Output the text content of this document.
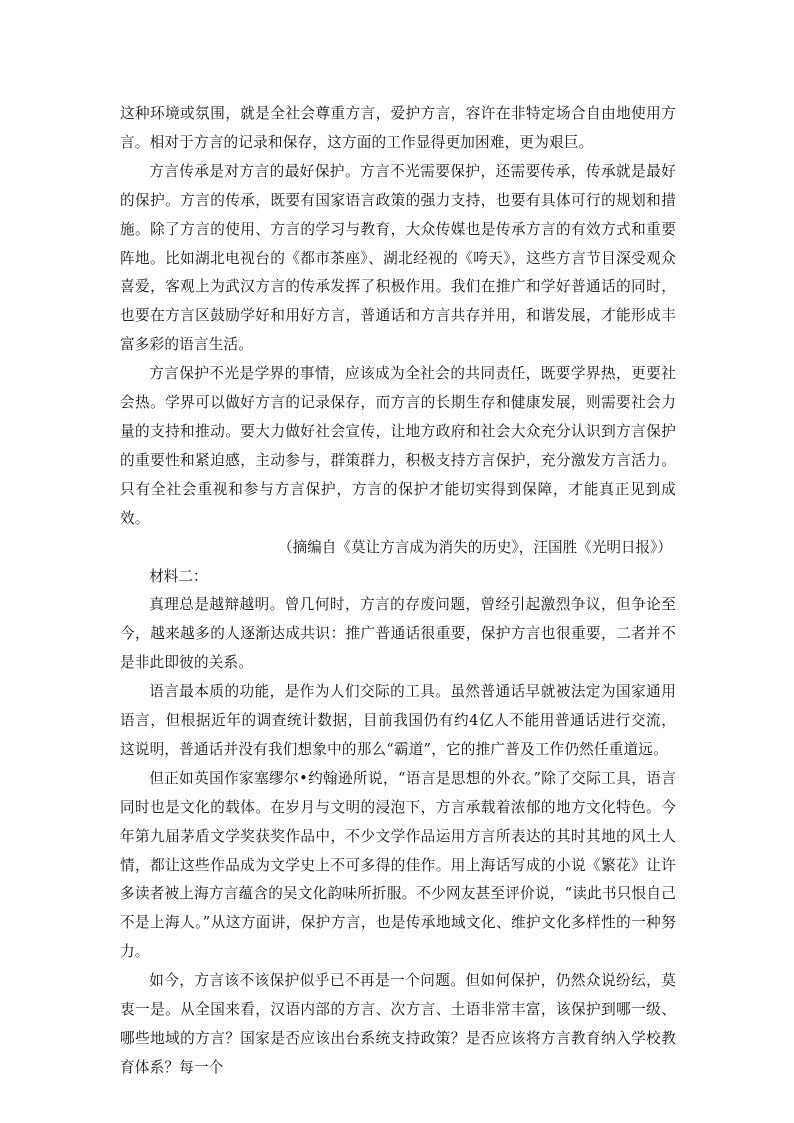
这种环境或氛围，就是全社会尊重方言，爱护方言，容许在非特定场合自由地使用方言。相对于方言的记录和保存，这方面的工作显得更加困难，更为艰巨。

方言传承是对方言的最好保护。方言不光需要保护，还需要传承，传承就是最好的保护。方言的传承，既要有国家语言政策的强力支持，也要有具体可行的规划和措施。除了方言的使用、方言的学习与教育，大众传媒也是传承方言的有效方式和重要阵地。比如湖北电视台的《都市茶座》、湖北经视的《咵天》，这些方言节目深受观众喜爱，客观上为武汉方言的传承发挥了积极作用。我们在推广和学好普通话的同时，也要在方言区鼓励学好和用好方言，普通话和方言共存并用，和谐发展，才能形成丰富多彩的语言生活。

方言保护不光是学界的事情，应该成为全社会的共同责任，既要学界热，更要社会热。学界可以做好方言的记录保存，而方言的长期生存和健康发展，则需要社会力量的支持和推动。要大力做好社会宣传，让地方政府和社会大众充分认识到方言保护的重要性和紧迫感，主动参与，群策群力，积极支持方言保护，充分激发方言活力。只有全社会重视和参与方言保护，方言的保护才能切实得到保障，才能真正见到成效。

（摘编自《莫让方言成为消失的历史》，汪国胜《光明日报》）

材料二：

真理总是越辩越明。曾几何时，方言的存废问题，曾经引起激烈争议，但争论至今，越来越多的人逐渐达成共识：推广普通话很重要，保护方言也很重要，二者并不是非此即彼的关系。

语言最本质的功能，是作为人们交际的工具。虽然普通话早就被法定为国家通用语言，但根据近年的调查统计数据，目前我国仍有约4亿人不能用普通话进行交流，这说明，普通话并没有我们想象中的那么“霸道”，它的推广普及工作仍然任重道远。

但正如英国作家塞缪尔•约翰逊所说，“语言是思想的外衣。”除了交际工具，语言同时也是文化的载体。在岁月与文明的浸泡下，方言承载着浓郁的地方文化特色。今年第九届茅盾文学奖获奖作品中，不少文学作品运用方言所表达的其时其地的风土人情，都让这些作品成为文学史上不可多得的佳作。用上海话写成的小说《繁花》让许多读者被上海方言蕴含的吴文化韵味所折服。不少网友甚至评价说，“读此书只恨自己不是上海人。”从这方面讲，保护方言，也是传承地域文化、维护文化多样性的一种努力。

如今，方言该不该保护似乎已不再是一个问题。但如何保护，仍然众说纷纭，莫衷一是。从全国来看，汉语内部的方言、次方言、土语非常丰富，该保护到哪一级、哪些地域的方言？国家是否应该出台系统支持政策？是否应该将方言教育纳入学校教育体系？每一个
